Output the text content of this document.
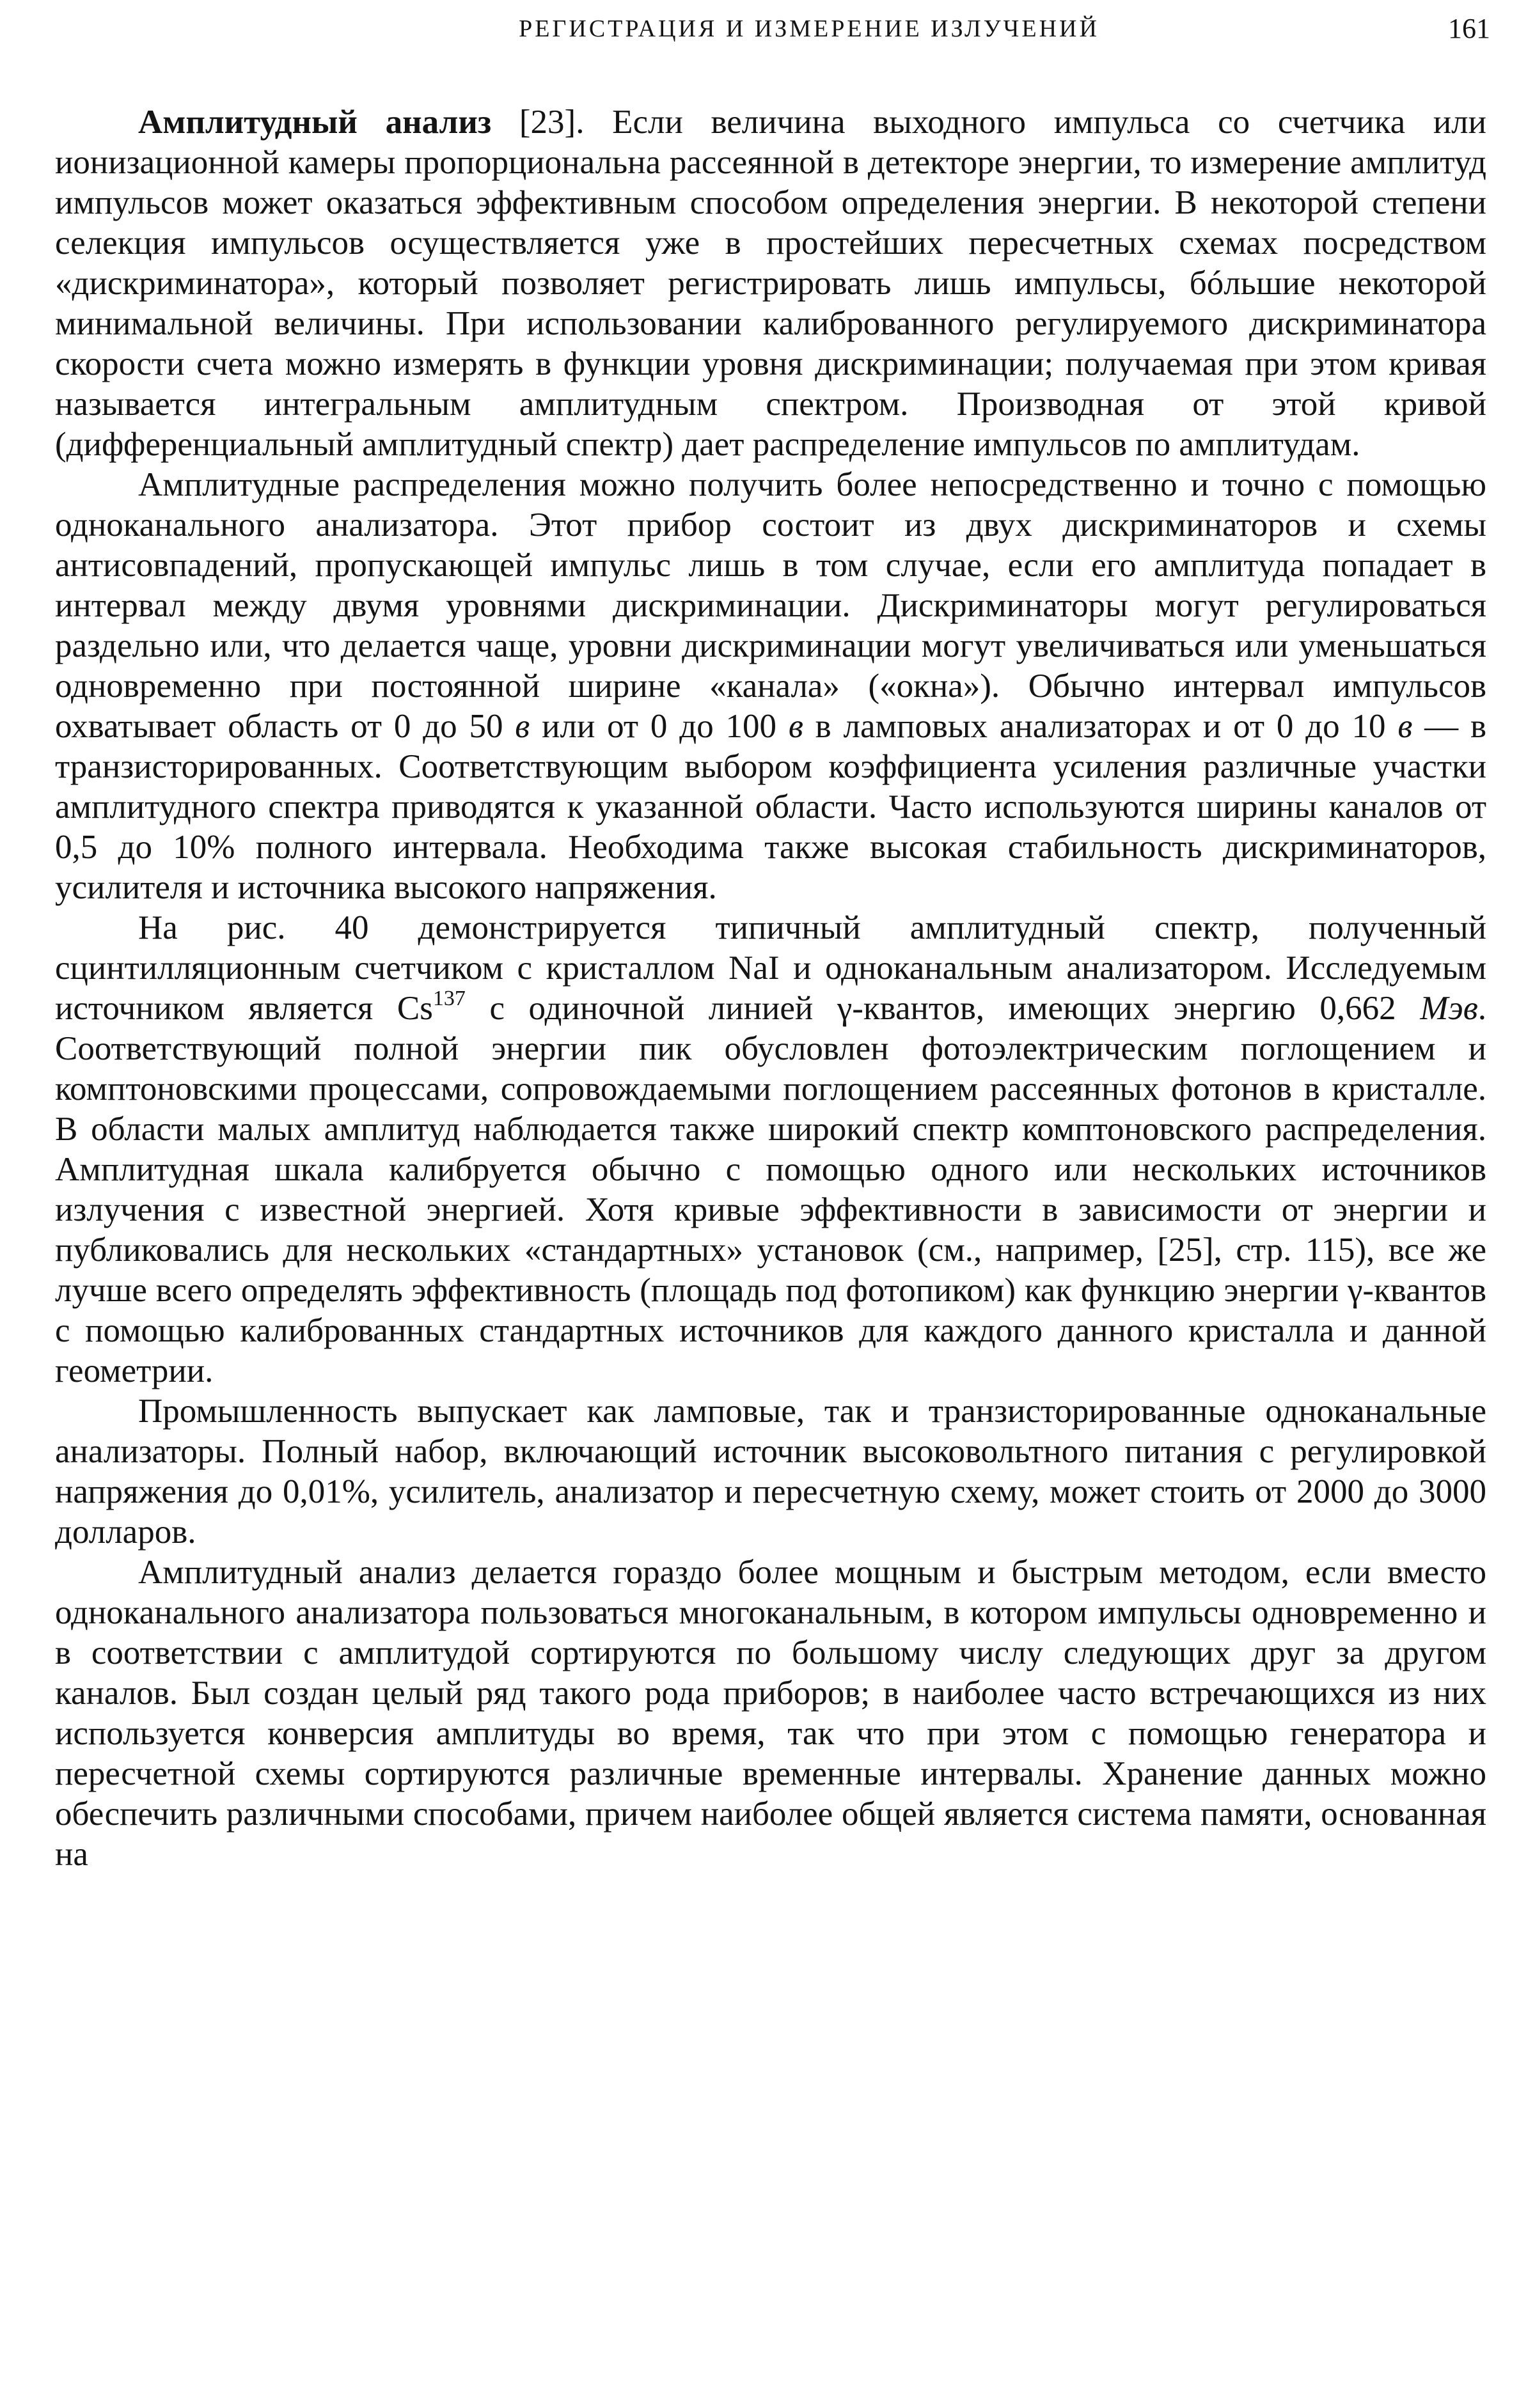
РЕГИСТРАЦИЯ И ИЗМЕРЕНИЕ ИЗЛУЧЕНИЙ	161

Амплитудный анализ [23]. Если величина выходного импульса со счетчика или ионизационной камеры пропорциональна рассеянной в детекторе энергии, то измерение амплитуд импульсов может оказаться эффективным способом определения энергии. В некоторой степени селекция импульсов осуществляется уже в простейших пересчетных схемах посредством «дискриминатора», который позволяет регистрировать лишь импульсы, бóльшие некоторой минимальной величины. При использовании калиброванного регулируемого дискриминатора скорости счета можно измерять в функции уровня дискриминации; получаемая при этом кривая называется интегральным амплитудным спектром. Производная от этой кривой (дифференциальный амплитудный спектр) дает распределение импульсов по амплитудам.

Амплитудные распределения можно получить более непосредственно и точно с помощью одноканального анализатора. Этот прибор состоит из двух дискриминаторов и схемы антисовпадений, пропускающей импульс лишь в том случае, если его амплитуда попадает в интервал между двумя уровнями дискриминации. Дискриминаторы могут регулироваться раздельно или, что делается чаще, уровни дискриминации могут увеличиваться или уменьшаться одновременно при постоянной ширине «канала» («окна»). Обычно интервал импульсов охватывает область от 0 до 50 в или от 0 до 100 в в ламповых анализаторах и от 0 до 10 в — в транзисторированных. Соответствующим выбором коэффициента усиления различные участки амплитудного спектра приводятся к указанной области. Часто используются ширины каналов от 0,5 до 10% полного интервала. Необходима также высокая стабильность дискриминаторов, усилителя и источника высокого напряжения.

На рис. 40 демонстрируется типичный амплитудный спектр, полученный сцинтилляционным счетчиком с кристаллом NaI и одноканальным анализатором. Исследуемым источником является Cs$^{137}$ с одиночной линией γ-квантов, имеющих энергию 0,662 Мэв. Соответствующий полной энергии пик обусловлен фотоэлектрическим поглощением и комптоновскими процессами, сопровождаемыми поглощением рассеянных фотонов в кристалле. В области малых амплитуд наблюдается также широкий спектр комптоновского распределения. Амплитудная шкала калибруется обычно с помощью одного или нескольких источников излучения с известной энергией. Хотя кривые эффективности в зависимости от энергии и публиковались для нескольких «стандартных» установок (см., например, [25], стр. 115), все же лучше всего определять эффективность (площадь под фотопиком) как функцию энергии γ-квантов с помощью калиброванных стандартных источников для каждого данного кристалла и данной геометрии.

Промышленность выпускает как ламповые, так и транзисторированные одноканальные анализаторы. Полный набор, включающий источник высоковольтного питания с регулировкой напряжения до 0,01%, усилитель, анализатор и пересчетную схему, может стоить от 2000 до 3000 долларов.

Амплитудный анализ делается гораздо более мощным и быстрым методом, если вместо одноканального анализатора пользоваться многоканальным, в котором импульсы одновременно и в соответствии с амплитудой сортируются по большому числу следующих друг за другом каналов. Был создан целый ряд такого рода приборов; в наиболее часто встречающихся из них используется конверсия амплитуды во время, так что при этом с помощью генератора и пересчетной схемы сортируются различные временные интервалы. Хранение данных можно обеспечить различными способами, причем наиболее общей является система памяти, основанная на
